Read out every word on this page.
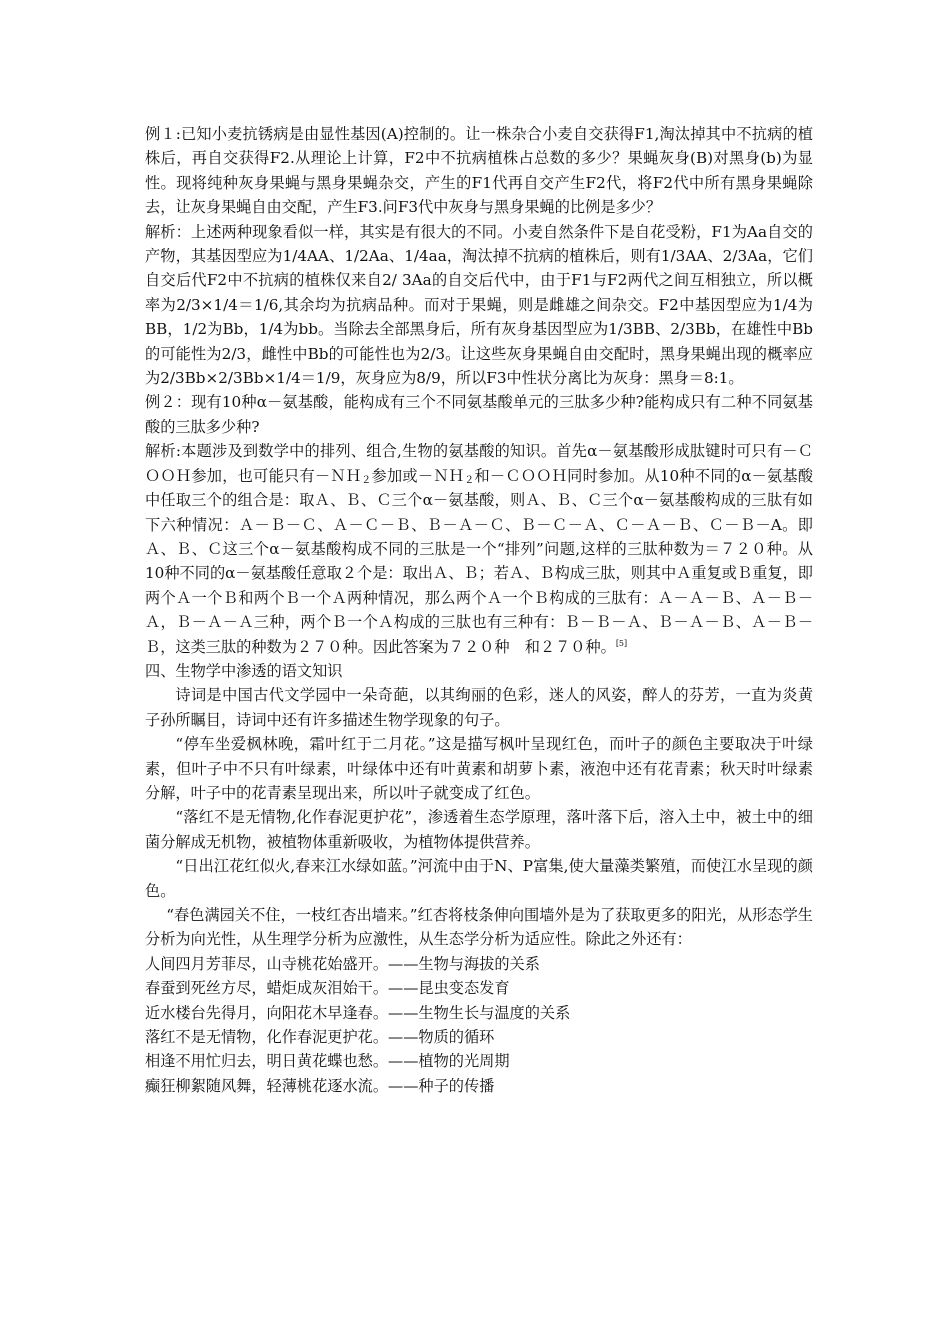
例１:已知小麦抗锈病是由显性基因(A)控制的。让一株杂合小麦自交获得F1,淘汰掉其中不抗病的植株后，再自交获得F2.从理论上计算，F2中不抗病植株占总数的多少？果蝇灰身(B)对黑身(b)为显性。现将纯种灰身果蝇与黑身果蝇杂交，产生的F1代再自交产生F2代，将F2代中所有黑身果蝇除去，让灰身果蝇自由交配，产生F3.问F3代中灰身与黑身果蝇的比例是多少？

解析：上述两种现象看似一样，其实是有很大的不同。小麦自然条件下是自花受粉，F1为Aa自交的产物，其基因型应为1/4AA、1/2Aa、1/4aa，淘汰掉不抗病的植株后，则有1/3AA、2/3Aa，它们自交后代F2中不抗病的植株仅来自2/ 3Aa的自交后代中，由于F1与F2两代之间互相独立，所以概率为2/3×1/4＝1/6,其余均为抗病品种。而对于果蝇，则是雌雄之间杂交。F2中基因型应为1/4为BB，1/2为Bb，1/4为bb。当除去全部黑身后，所有灰身基因型应为1/3BB、2/3Bb，在雄性中Bb的可能性为2/3，雌性中Bb的可能性也为2/3。让这些灰身果蝇自由交配时，黑身果蝇出现的概率应为2/3Bb×2/3Bb×1/4＝1/9，灰身应为8/9，所以F3中性状分离比为灰身：黑身＝8:1。

例２：现有10种α－氨基酸，能构成有三个不同氨基酸单元的三肽多少种?能构成只有二种不同氨基酸的三肽多少种?

解析:本题涉及到数学中的排列、组合,生物的氨基酸的知识。首先α－氨基酸形成肽键时可只有－ＣＯＯＨ参加，也可能只有－ＮＨ$_2$参加或－ＮＨ$_2$和－ＣＯＯＨ同时参加。从10种不同的α－氨基酸中任取三个的组合是：取Ａ、Ｂ、Ｃ三个α－氨基酸，则Ａ、Ｂ、Ｃ三个α－氨基酸构成的三肽有如下六种情况：Ａ－Ｂ－Ｃ、Ａ－Ｃ－Ｂ、Ｂ－Ａ－Ｃ、Ｂ－Ｃ－Ａ、Ｃ－Ａ－Ｂ、Ｃ－Ｂ－A。即Ａ、Ｂ、Ｃ这三个α－氨基酸构成不同的三肽是一个“排列”问题,这样的三肽种数为＝７２０种。从10种不同的α－氨基酸任意取２个是：取出Ａ、Ｂ；若Ａ、Ｂ构成三肽，则其中Ａ重复或Ｂ重复，即两个Ａ一个Ｂ和两个Ｂ一个Ａ两种情况，那么两个Ａ一个Ｂ构成的三肽有：Ａ－Ａ－Ｂ、Ａ－Ｂ－Ａ，Ｂ－Ａ－Ａ三种，两个Ｂ一个Ａ构成的三肽也有三种有：Ｂ－Ｂ－Ａ、Ｂ－Ａ－Ｂ、Ａ－Ｂ－Ｂ，这类三肽的种数为２７０种。因此答案为７２０种　和２７０种。[5]

四、生物学中渗透的语文知识

诗词是中国古代文学园中一朵奇葩，以其绚丽的色彩，迷人的风姿，醉人的芬芳，一直为炎黄子孙所瞩目，诗词中还有许多描述生物学现象的句子。

“停车坐爱枫林晚，霜叶红于二月花。”这是描写枫叶呈现红色，而叶子的颜色主要取决于叶绿素，但叶子中不只有叶绿素，叶绿体中还有叶黄素和胡萝卜素，液泡中还有花青素；秋天时叶绿素分解，叶子中的花青素呈现出来，所以叶子就变成了红色。

“落红不是无情物,化作春泥更护花”，渗透着生态学原理，落叶落下后，溶入土中，被土中的细菌分解成无机物，被植物体重新吸收，为植物体提供营养。

“日出江花红似火,春来江水绿如蓝。”河流中由于N、P富集,使大量藻类繁殖，而使江水呈现的颜色。

“春色满园关不住，一枝红杏出墙来。”红杏将枝条伸向围墙外是为了获取更多的阳光，从形态学生分析为向光性，从生理学分析为应激性，从生态学分析为适应性。除此之外还有：

人间四月芳菲尽，山寺桃花始盛开。——生物与海拔的关系

春蚕到死丝方尽，蜡炬成灰泪始干。——昆虫变态发育

近水楼台先得月，向阳花木早逢春。——生物生长与温度的关系

落红不是无情物，化作春泥更护花。——物质的循环

相逢不用忙归去，明日黄花蝶也愁。——植物的光周期

癫狂柳絮随风舞，轻薄桃花逐水流。——种子的传播
